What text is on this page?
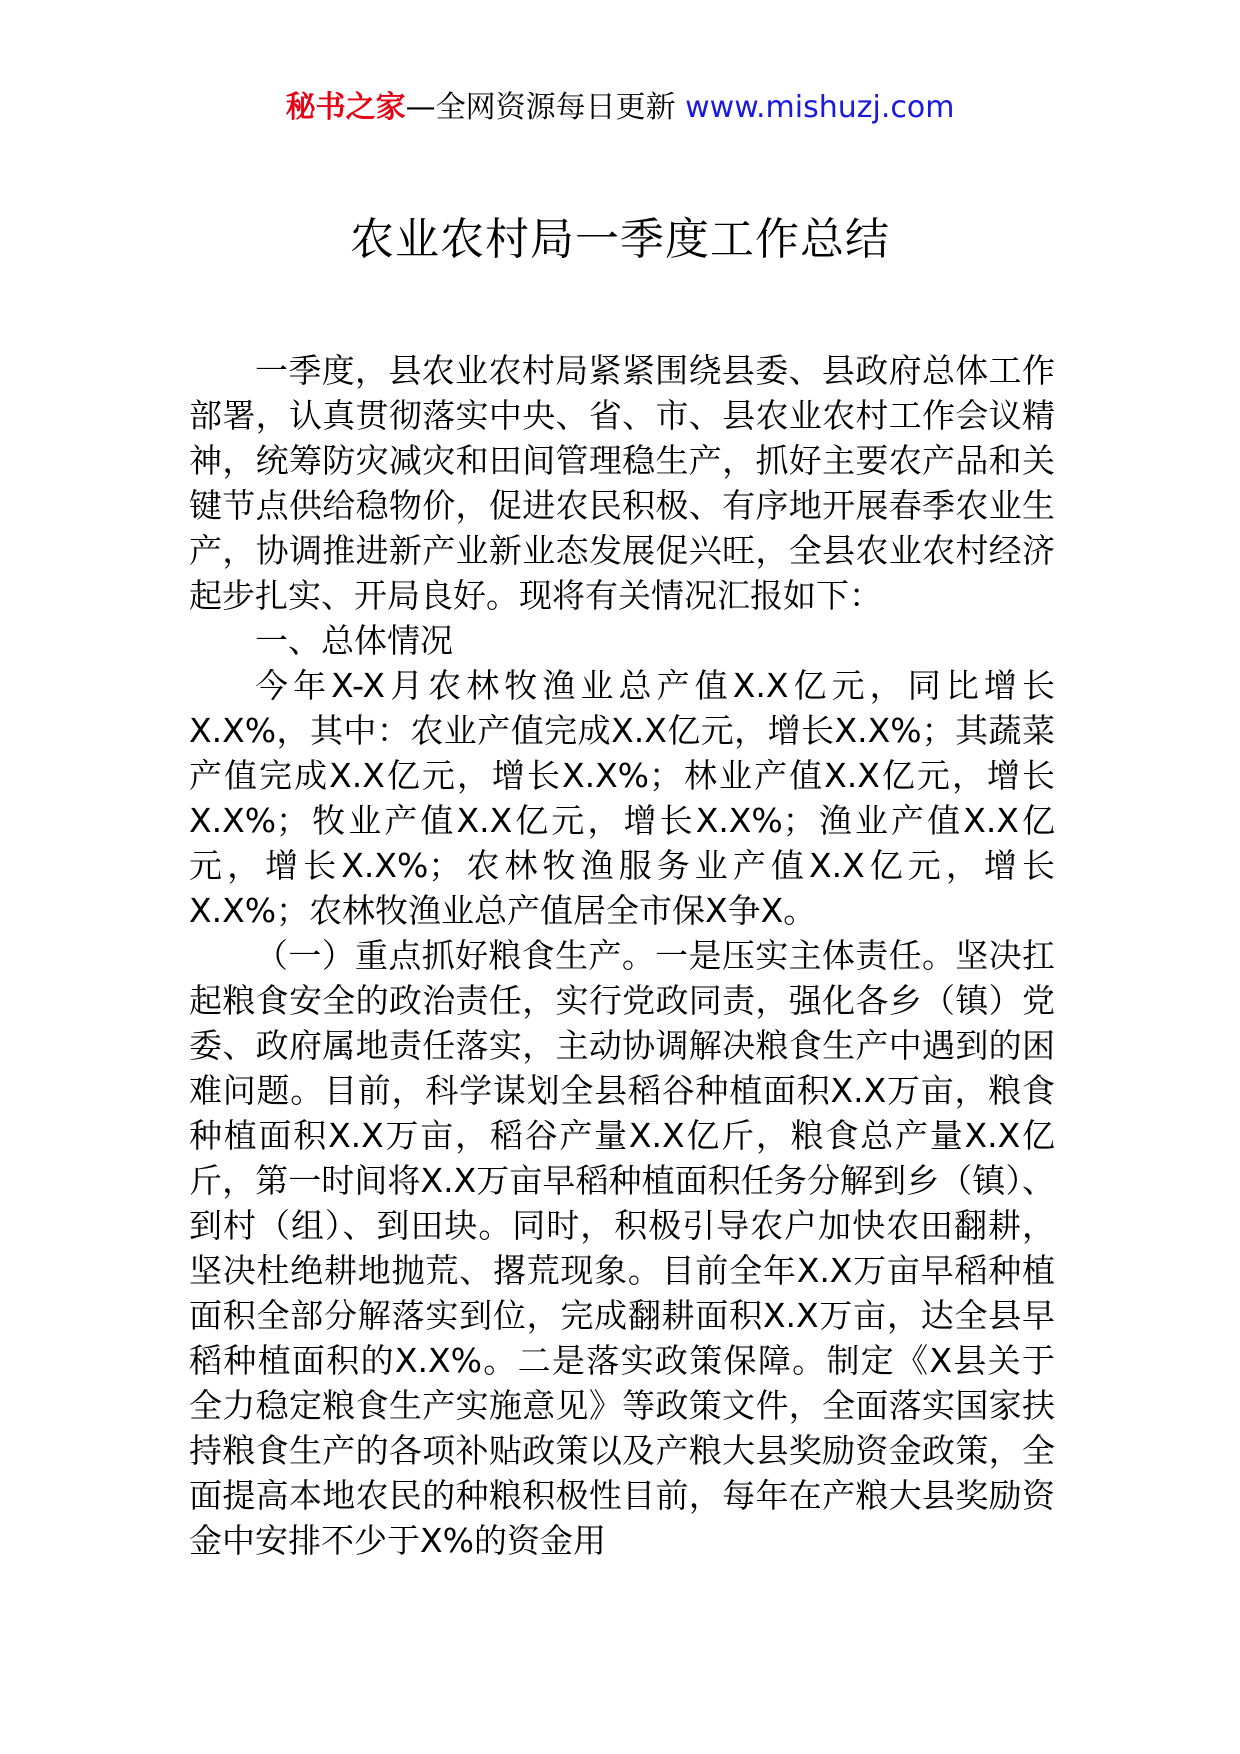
秘书之家—全网资源每日更新 www.mishuzj.com
农业农村局一季度工作总结

一季度，县农业农村局紧紧围绕县委、县政府总体工作部署，认真贯彻落实中央、省、市、县农业农村工作会议精神，统筹防灾减灾和田间管理稳生产，抓好主要农产品和关键节点供给稳物价，促进农民积极、有序地开展春季农业生产，协调推进新产业新业态发展促兴旺，全县农业农村经济起步扎实、开局良好。现将有关情况汇报如下：

一、总体情况

今年X-X月农林牧渔业总产值X.X亿元，同比增长X.X%，其中：农业产值完成X.X亿元，增长X.X%；其蔬菜产值完成X.X亿元，增长X.X%；林业产值X.X亿元，增长X.X%；牧业产值X.X亿元，增长X.X%；渔业产值X.X亿元，增长X.X%；农林牧渔服务业产值X.X亿元，增长X.X%；农林牧渔业总产值居全市保X争X。

（一）重点抓好粮食生产。一是压实主体责任。坚决扛起粮食安全的政治责任，实行党政同责，强化各乡（镇）党委、政府属地责任落实，主动协调解决粮食生产中遇到的困难问题。目前，科学谋划全县稻谷种植面积X.X万亩，粮食种植面积X.X万亩，稻谷产量X.X亿斤，粮食总产量X.X亿斤，第一时间将X.X万亩早稻种植面积任务分解到乡（镇）、到村（组）、到田块。同时，积极引导农户加快农田翻耕，坚决杜绝耕地抛荒、撂荒现象。目前全年X.X万亩早稻种植面积全部分解落实到位，完成翻耕面积X.X万亩，达全县早稻种植面积的X.X%。二是落实政策保障。制定《X县关于全力稳定粮食生产实施意见》等政策文件，全面落实国家扶持粮食生产的各项补贴政策以及产粮大县奖励资金政策，全面提高本地农民的种粮积极性目前，每年在产粮大县奖励资金中安排不少于X%的资金用
